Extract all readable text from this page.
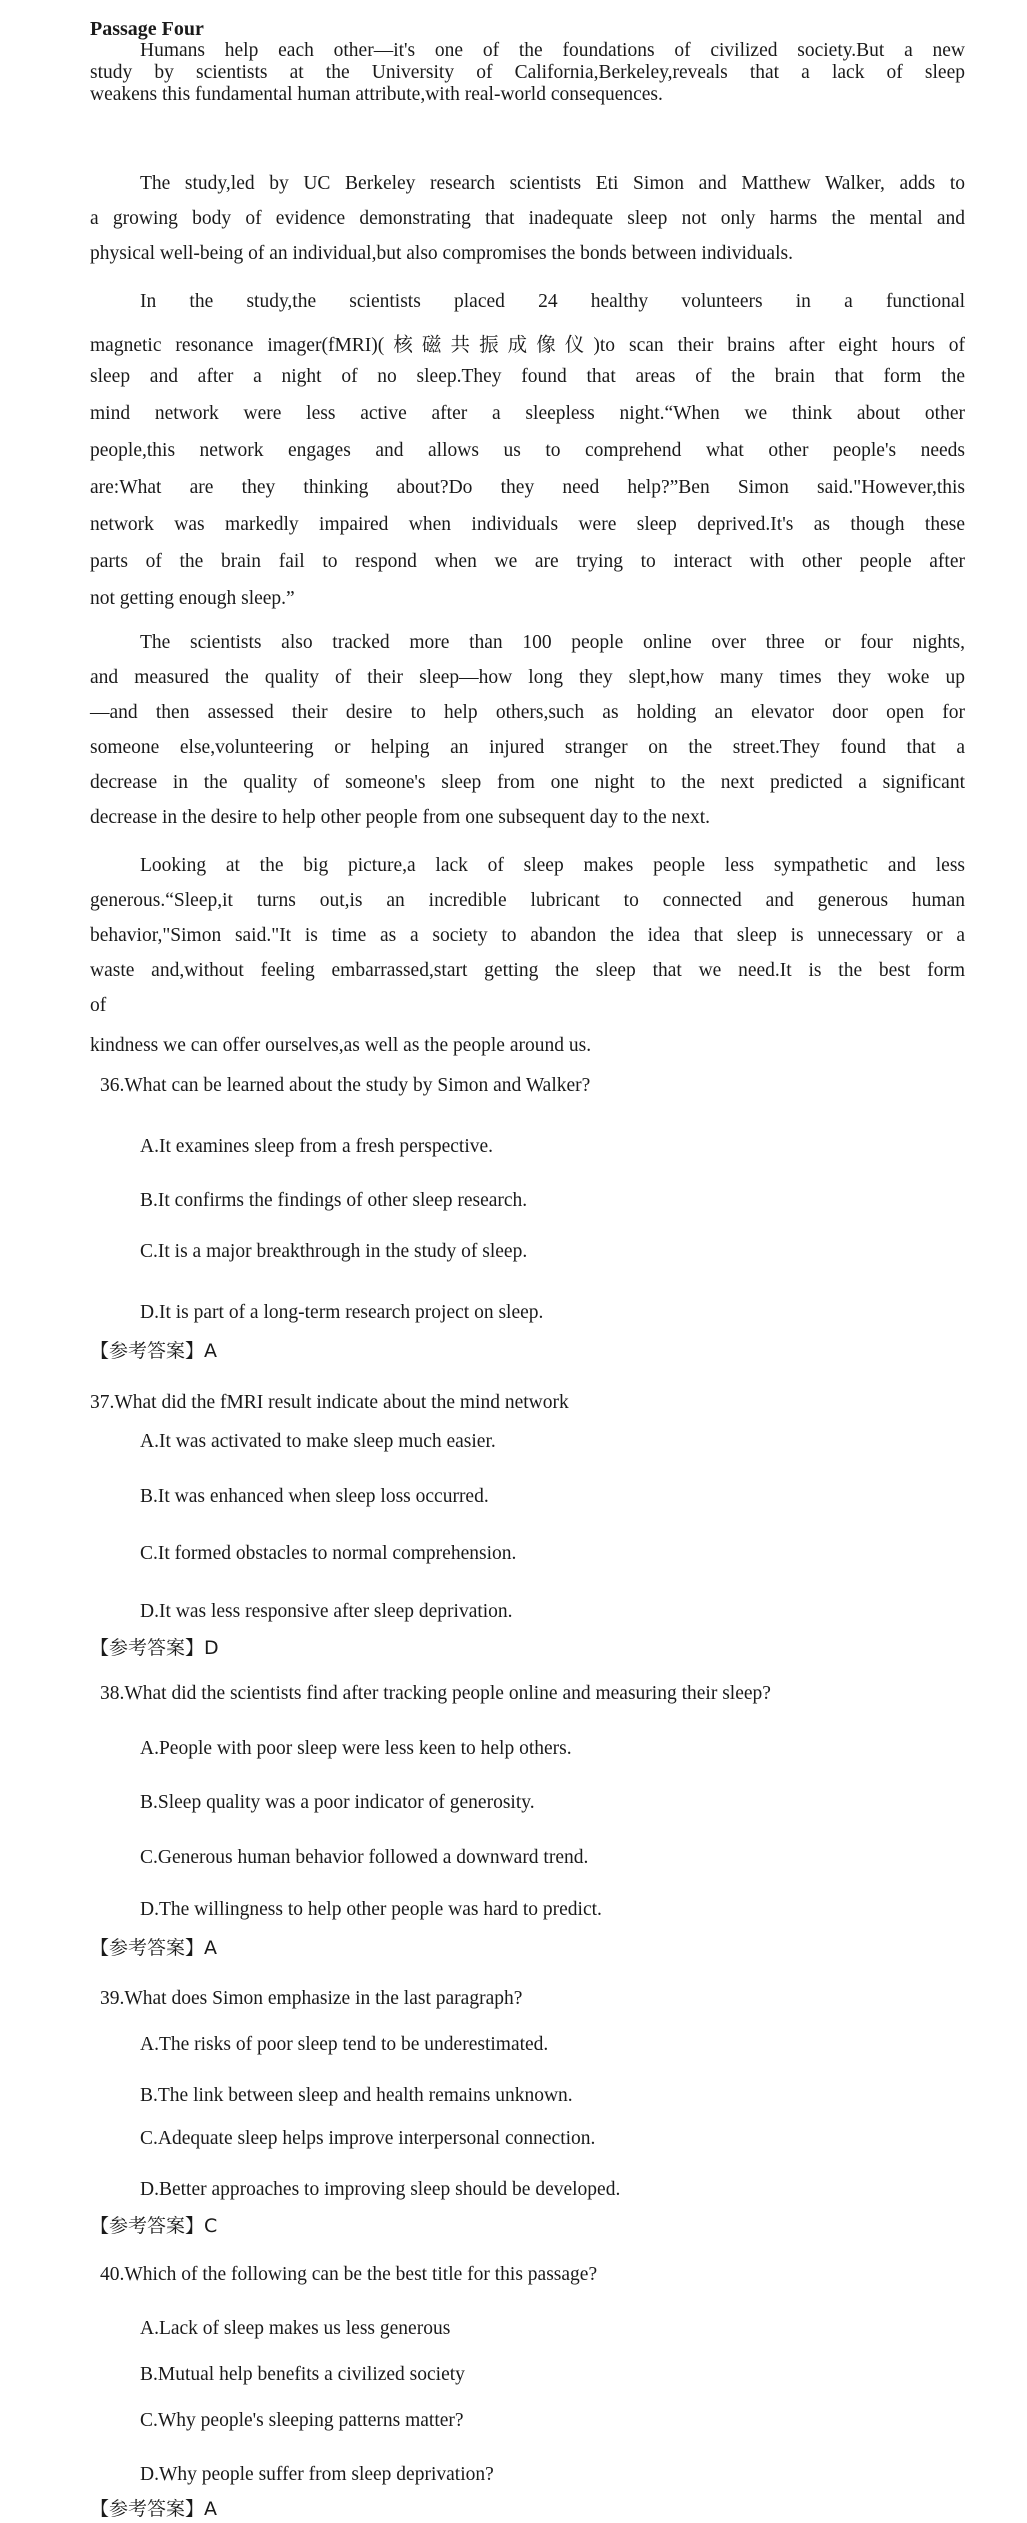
Passage Four
Humans help each other—it's one of the foundations of civilized society.But a new
study by scientists at the University of California,Berkeley,reveals that a lack of sleep
weakens this fundamental human attribute,with real-world consequences.
The study,led by UC Berkeley research scientists Eti Simon and Matthew Walker, adds to
a growing body of evidence demonstrating that inadequate sleep not only harms the mental and
physical well-being of an individual,but also compromises the bonds between individuals.
In the study,the scientists placed 24 healthy volunteers in a functional
magnetic resonance imager(fMRI)(核磁共振成像仪)to scan their brains after eight hours of
sleep and after a night of no sleep.They found that areas of the brain that form the
mind network were less active after a sleepless night.“When we think about other
people,this network engages and allows us to comprehend what other people's needs
are:What are they thinking about?Do they need help?”Ben Simon said."However,this
network was markedly impaired when individuals were sleep deprived.It's as though these
parts of the brain fail to respond when we are trying to interact with other people after
not getting enough sleep.”
The scientists also tracked more than 100 people online over three or four nights,
and measured the quality of their sleep—how long they slept,how many times they woke up
—and then assessed their desire to help others,such as holding an elevator door open for
someone else,volunteering or helping an injured stranger on the street.They found that a
decrease in the quality of someone's sleep from one night to the next predicted a significant
decrease in the desire to help other people from one subsequent day to the next.
Looking at the big picture,a lack of sleep makes people less sympathetic and less
generous.“Sleep,it turns out,is an incredible lubricant to connected and generous human
behavior,"Simon said."It is time as a society to abandon the idea that sleep is unnecessary or a
waste and,without feeling embarrassed,start getting the sleep that we need.It is the best form
of
kindness we can offer ourselves,as well as the people around us.
36.What can be learned about the study by Simon and Walker?
A.It examines sleep from a fresh perspective.
B.It confirms the findings of other sleep research.
C.It is a major breakthrough in the study of sleep.
D.It is part of a long-term research project on sleep.
【参考答案】A
37.What did the fMRI result indicate about the mind network
A.It was activated to make sleep much easier.
B.It was enhanced when sleep loss occurred.
C.It formed obstacles to normal comprehension.
D.It was less responsive after sleep deprivation.
【参考答案】D
38.What did the scientists find after tracking people online and measuring their sleep?
A.People with poor sleep were less keen to help others.
B.Sleep quality was a poor indicator of generosity.
C.Generous human behavior followed a downward trend.
D.The willingness to help other people was hard to predict.
【参考答案】A
39.What does Simon emphasize in the last paragraph?
A.The risks of poor sleep tend to be underestimated.
B.The link between sleep and health remains unknown.
C.Adequate sleep helps improve interpersonal connection.
D.Better approaches to improving sleep should be developed.
【参考答案】C
40.Which of the following can be the best title for this passage?
A.Lack of sleep makes us less generous
B.Mutual help benefits a civilized society
C.Why people's sleeping patterns matter?
D.Why people suffer from sleep deprivation?
【参考答案】A
